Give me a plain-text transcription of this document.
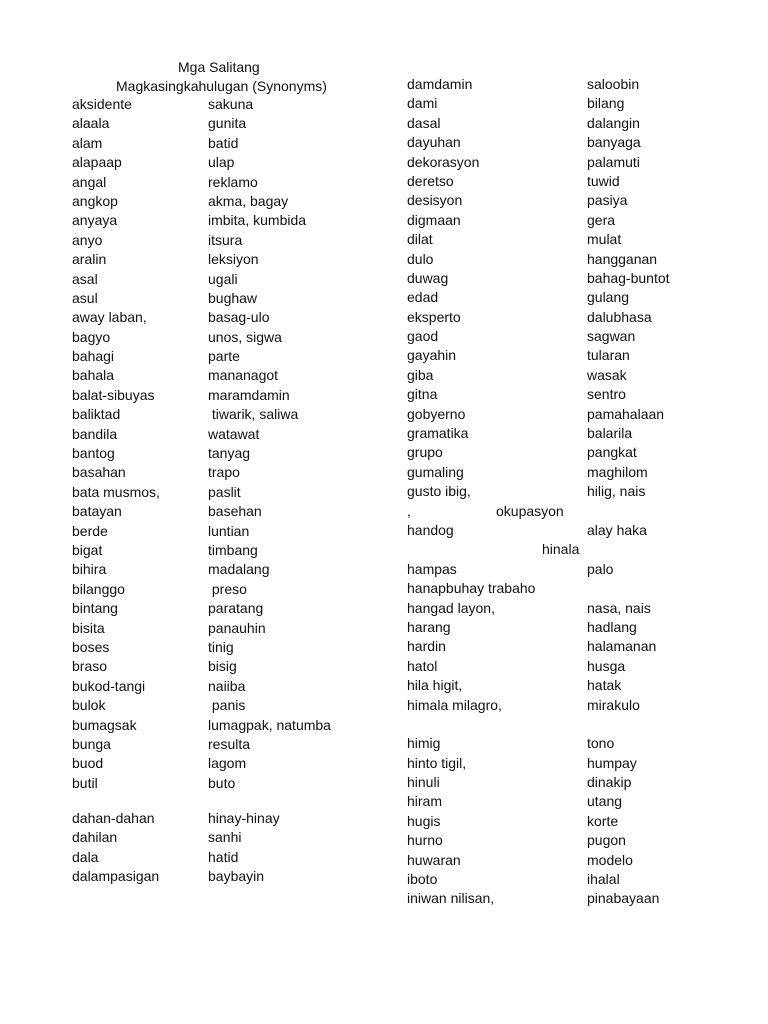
Mga Salitang
Magkasingkahulugan (Synonyms)
aksidente	sakuna
alaala	gunita
alam	batid
alapaap	ulap
angal	reklamo
angkop	akma, bagay
anyaya	imbita, kumbida
anyo	itsura
aralin	leksiyon
asal	ugali
asul	bughaw
away laban,	basag-ulo
bagyo	unos, sigwa
bahagi	parte
bahala	mananagot
balat-sibuyas	maramdamin
baliktad	tiwarik, saliwa
bandila	watawat
bantog	tanyag
basahan	trapo
bata musmos,	paslit
batayan	basehan
berde	luntian
bigat	timbang
bihira	madalang
bilanggo	preso
bintang	paratang
bisita	panauhin
boses	tinig
braso	bisig
bukod-tangi	naiiba
bulok	panis
bumagsak	lumagpak, natumba
bunga	resulta
buod	lagom
butil	buto
dahan-dahan	hinay-hinay
dahilan	sanhi
dala	hatid
dalampasigan	baybayin
damdamin	saloobin
dami	bilang
dasal	dalangin
dayuhan	banyaga
dekorasyon	palamuti
deretso	tuwid
desisyon	pasiya
digmaan	gera
dilat	mulat
dulo	hangganan
duwag	bahag-buntot
edad	gulang
eksperto	dalubhasa
gaod	sagwan
gayahin	tularan
giba	wasak
gitna	sentro
gobyerno	pamahalaan
gramatika	balarila
grupo	pangkat
gumaling	maghilom
gusto ibig,	hilig, nais
,	okupasyon
handog	alay haka
hinala
hampas	palo
hanapbuhay trabaho
hangad layon,	nasa, nais
harang	hadlang
hardin	halamanan
hatol	husga
hila higit,	hatak
himala milagro,	mirakulo
himig	tono
hinto tigil,	humpay
hinuli	dinakip
hiram	utang
hugis	korte
hurno	pugon
huwaran	modelo
iboto	ihalal
iniwan nilisan,	pinabayaan
